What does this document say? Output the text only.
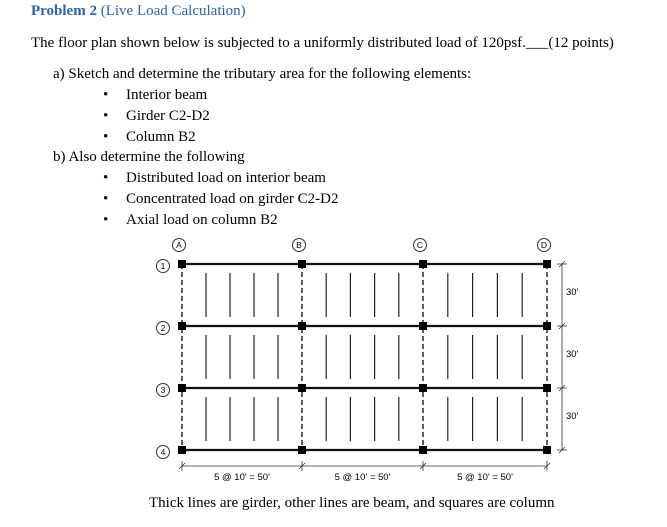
Problem 2 (Live Load Calculation)
The floor plan shown below is subjected to a uniformly distributed load of 120psf.___(12 points)
a) Sketch and determine the tributary area for the following elements:
• Interior beam
• Girder C2-D2
• Column B2
b) Also determine the following
• Distributed load on interior beam
• Concentrated load on girder C2-D2
• Axial load on column B2
A	B	C	D
1
2
3
4
5 @ 10' = 50'	5 @ 10' = 50'	5 @ 10' = 50'
30'
30'
30'
Thick lines are girder, other lines are beam, and squares are column
